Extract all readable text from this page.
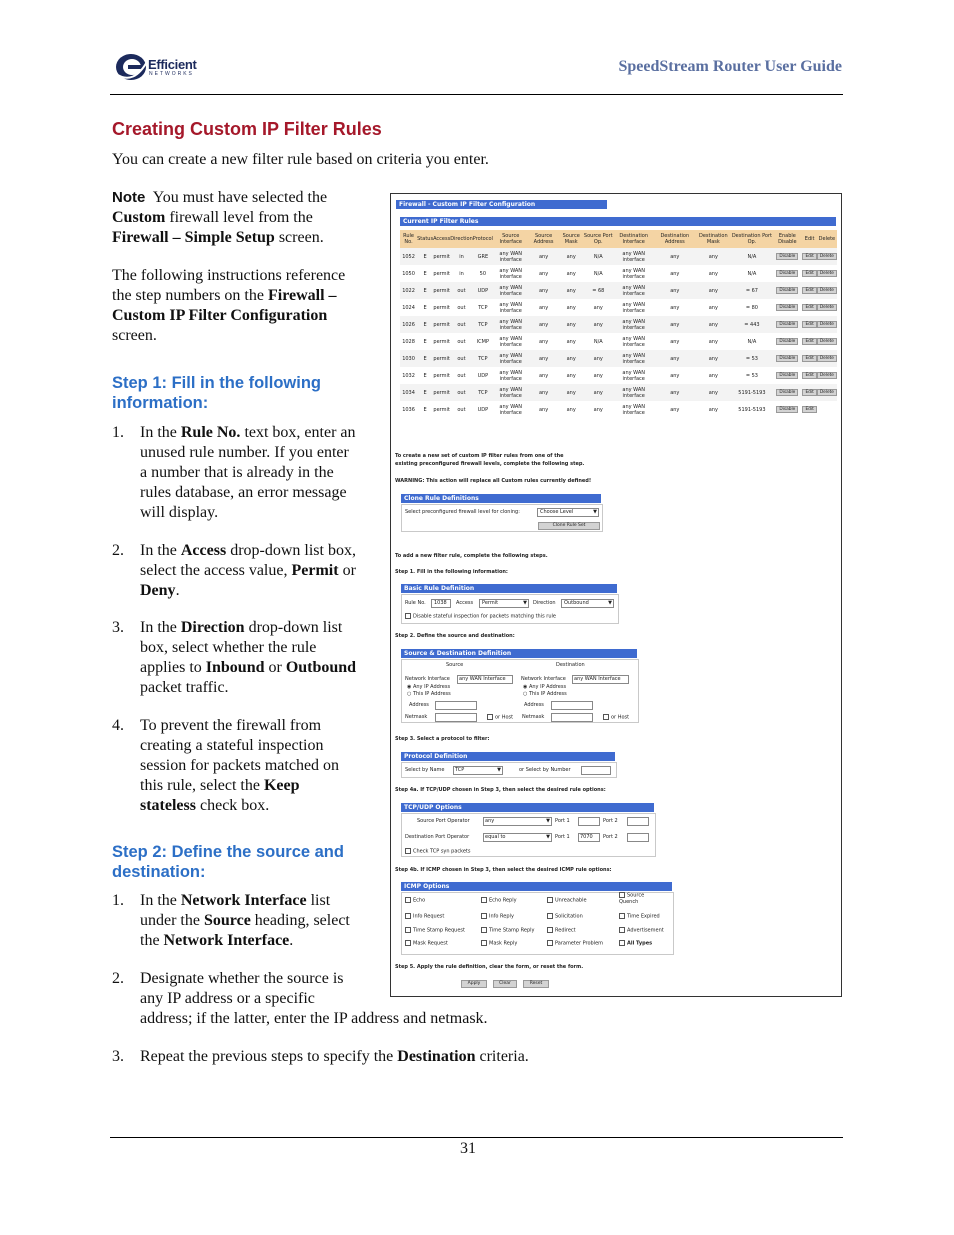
Efficient
NETWORKS	SpeedStream Router User Guide
Creating Custom IP Filter Rules
You can create a new filter rule based on criteria you enter.
Note You must have selected the
Custom firewall level from the
Firewall – Simple Setup screen.
The following instructions reference
the step numbers on the Firewall –
Custom IP Filter Configuration
screen.
Step 1: Fill in the following
information:
1. In the Rule No. text box, enter an
unused rule number. If you enter
a number that is already in the
rules database, an error message
will display.
2. In the Access drop-down list box,
select the access value, Permit or
Deny.
3. In the Direction drop-down list
box, select whether the rule
applies to Inbound or Outbound
packet traffic.
4. To prevent the firewall from
creating a stateful inspection
session for packets matched on
this rule, select the Keep
stateless check box.
Step 2: Define the source and
destination:
1. In the Network Interface list
under the Source heading, select
the Network Interface.
2. Designate whether the source is
any IP address or a specific
address; if the latter, enter the IP address and netmask.
3. Repeat the previous steps to specify the Destination criteria.
Firewall - Custom IP Filter Configuration
Current IP Filter Rules
Rule No.	Status	Access	Direction	Protocol	Source Interface	Source Address	Source Mask	Source Port Op.	Destination Interface	Destination Address	Destination Mask	Destination Port Op.	Enable Disable	Edit	Delete
1052	E	permit	in	GRE	any WAN interface	any	any	N/A	any WAN interface	any	any	N/A	Disable	Edit	Delete
1050	E	permit	in	50	any WAN interface	any	any	N/A	any WAN interface	any	any	N/A	Disable	Edit	Delete
1022	E	permit	out	UDP	any WAN interface	any	any	= 68	any WAN interface	any	any	= 67	Disable	Edit	Delete
1024	E	permit	out	TCP	any WAN interface	any	any	any	any WAN interface	any	any	= 80	Disable	Edit	Delete
1026	E	permit	out	TCP	any WAN interface	any	any	any	any WAN interface	any	any	= 443	Disable	Edit	Delete
1028	E	permit	out	ICMP	any WAN interface	any	any	N/A	any WAN interface	any	any	N/A	Disable	Edit	Delete
1030	E	permit	out	TCP	any WAN interface	any	any	any	any WAN interface	any	any	= 53	Disable	Edit	Delete
1032	E	permit	out	UDP	any WAN interface	any	any	any	any WAN interface	any	any	= 53	Disable	Edit	Delete
1034	E	permit	out	TCP	any WAN interface	any	any	any	any WAN interface	any	any	5191-5193	Disable	Edit	Delete
1036	E	permit	out	UDP	any WAN interface	any	any	any	any WAN interface	any	any	5191-5193	Disable	Edit	
To create a new set of custom IP filter rules from one of the
existing preconfigured firewall levels, complete the following step.
WARNING: This action will replace all Custom rules currently defined!
Clone Rule Definitions
Select preconfigured firewall level for cloning:	Choose Level	▼
Clone Rule Set
To add a new filter rule, complete the following steps.
Step 1. Fill in the following information:
Basic Rule Definition
Rule No. 1038 Access Permit	▼ Direction Outbound	▼
Disable stateful inspection for packets matching this rule
Step 2. Define the source and destination:
Source & Destination Definition
Source	Destination
Network Interface any WAN Interface	Network Interface any WAN Interface
◉ Any IP Address
○ This IP Address
◉ Any IP Address
○ This IP Address
Address	Address
Netmask	or Host Netmask	or Host
Step 3. Select a protocol to filter:
Protocol Definition
Select by Name TCP	▼	or Select by Number
Step 4a. If TCP/UDP chosen in Step 3, then select the desired rule options:
TCP/UDP Options
Source Port Operator	any	▼ Port 1	Port 2
Destination Port Operator	equal to	▼ Port 1 7070 Port 2
Check TCP syn packets
Step 4b. If ICMP chosen in Step 3, then select the desired ICMP rule options:
ICMP Options
Echo	Echo Reply	Unreachable
Source Quench
Info Request	Info Reply	Solicitation	Time Expired
Time Stamp Request	Time Stamp Reply	Redirect	Advertisement
Mask Request	Mask Reply	Parameter Problem	All Types
Step 5. Apply the rule definition, clear the form, or reset the form.
Apply	Clear	Reset
31
